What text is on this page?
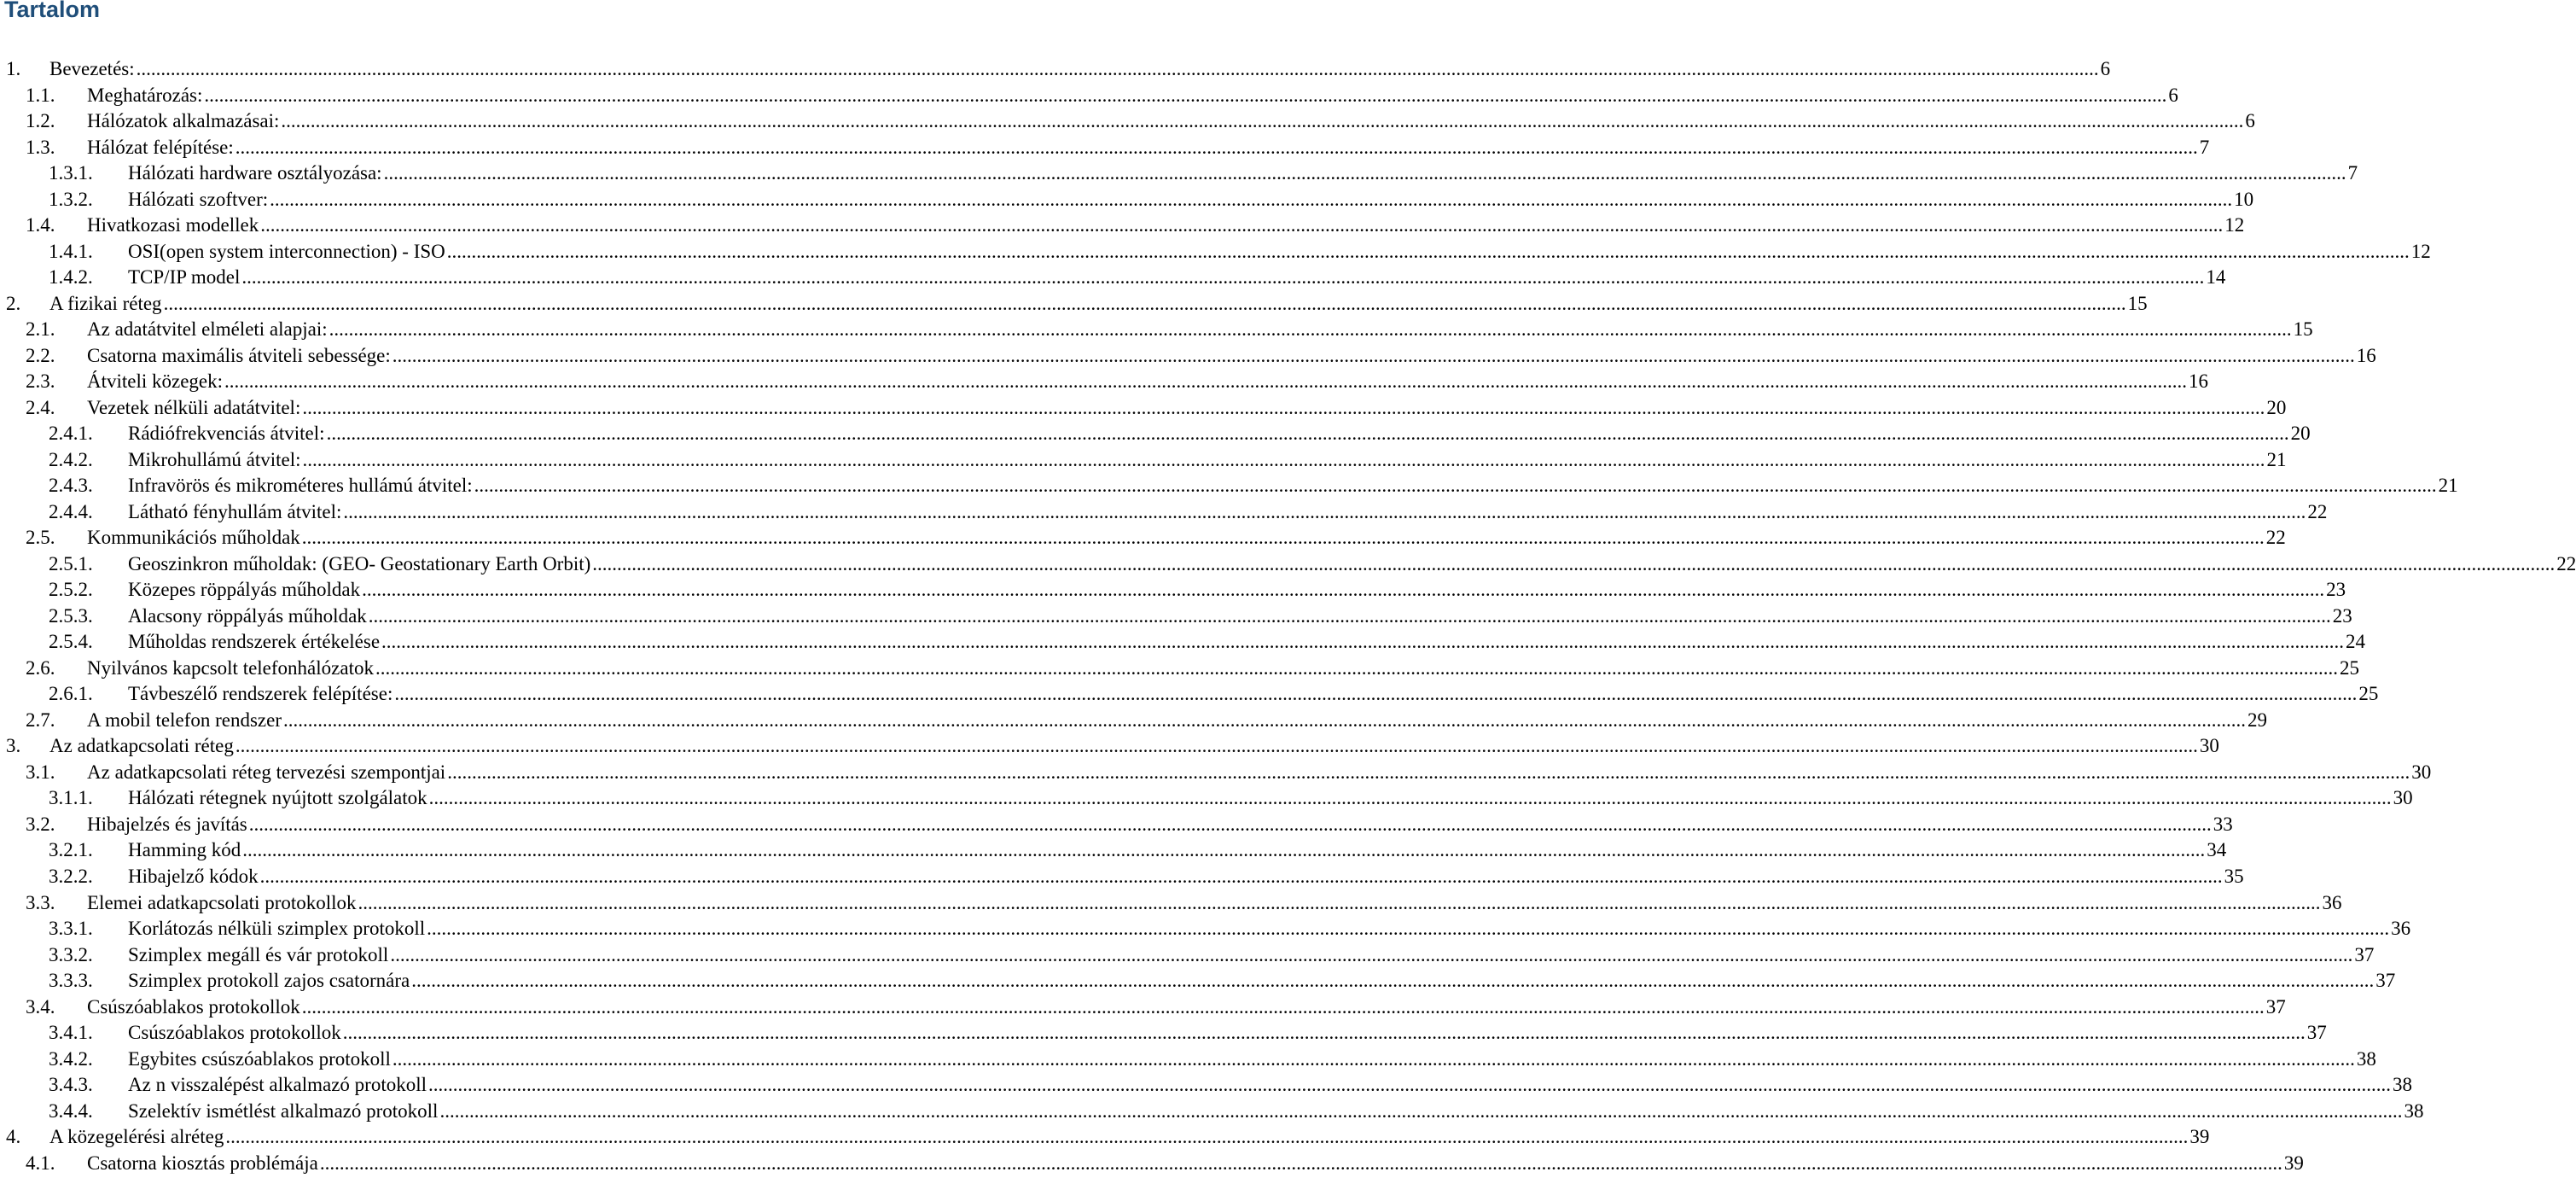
Tartalom
1. Bevezetés: ................................................................................................................................................................................................................................................................................................................................................................................................................ 6
1.1. Meghatározás: ................................................................................................................................................................................................................................................................................................................................................................................................................ 6
1.2. Hálózatok alkalmazásai: ................................................................................................................................................................................................................................................................................................................................................................................................................ 6
1.3. Hálózat felépítése: ................................................................................................................................................................................................................................................................................................................................................................................................................ 7
1.3.1. Hálózati hardware osztályozása: ................................................................................................................................................................................................................................................................................................................................................................................................................ 7
1.3.2. Hálózati szoftver: ................................................................................................................................................................................................................................................................................................................................................................................................................ 10
1.4. Hivatkozasi modellek ................................................................................................................................................................................................................................................................................................................................................................................................................ 12
1.4.1. OSI(open system interconnection) - ISO ................................................................................................................................................................................................................................................................................................................................................................................................................ 12
1.4.2. TCP/IP model ................................................................................................................................................................................................................................................................................................................................................................................................................ 14
2. A fizikai réteg ................................................................................................................................................................................................................................................................................................................................................................................................................ 15
2.1. Az adatátvitel elméleti alapjai: ................................................................................................................................................................................................................................................................................................................................................................................................................ 15
2.2. Csatorna maximális átviteli sebessége: ................................................................................................................................................................................................................................................................................................................................................................................................................ 16
2.3. Átviteli közegek: ................................................................................................................................................................................................................................................................................................................................................................................................................ 16
2.4. Vezetek nélküli adatátvitel: ................................................................................................................................................................................................................................................................................................................................................................................................................ 20
2.4.1. Rádiófrekvenciás átvitel: ................................................................................................................................................................................................................................................................................................................................................................................................................ 20
2.4.2. Mikrohullámú átvitel: ................................................................................................................................................................................................................................................................................................................................................................................................................ 21
2.4.3. Infravörös és mikrométeres hullámú átvitel: ................................................................................................................................................................................................................................................................................................................................................................................................................ 21
2.4.4. Látható fényhullám átvitel: ................................................................................................................................................................................................................................................................................................................................................................................................................ 22
2.5. Kommunikációs műholdak ................................................................................................................................................................................................................................................................................................................................................................................................................ 22
2.5.1. Geoszinkron műholdak: (GEO- Geostationary Earth Orbit) ................................................................................................................................................................................................................................................................................................................................................................................................................ 22
2.5.2. Közepes röppályás műholdak ................................................................................................................................................................................................................................................................................................................................................................................................................ 23
2.5.3. Alacsony röppályás műholdak ................................................................................................................................................................................................................................................................................................................................................................................................................ 23
2.5.4. Műholdas rendszerek értékelése ................................................................................................................................................................................................................................................................................................................................................................................................................ 24
2.6. Nyilvános kapcsolt telefonhálózatok ................................................................................................................................................................................................................................................................................................................................................................................................................ 25
2.6.1. Távbeszélő rendszerek felépítése: ................................................................................................................................................................................................................................................................................................................................................................................................................ 25
2.7. A mobil telefon rendszer ................................................................................................................................................................................................................................................................................................................................................................................................................ 29
3. Az adatkapcsolati réteg ................................................................................................................................................................................................................................................................................................................................................................................................................ 30
3.1. Az adatkapcsolati réteg tervezési szempontjai ................................................................................................................................................................................................................................................................................................................................................................................................................ 30
3.1.1. Hálózati rétegnek nyújtott szolgálatok ................................................................................................................................................................................................................................................................................................................................................................................................................ 30
3.2. Hibajelzés és javítás ................................................................................................................................................................................................................................................................................................................................................................................................................ 33
3.2.1. Hamming kód ................................................................................................................................................................................................................................................................................................................................................................................................................ 34
3.2.2. Hibajelző kódok ................................................................................................................................................................................................................................................................................................................................................................................................................ 35
3.3. Elemei adatkapcsolati protokollok ................................................................................................................................................................................................................................................................................................................................................................................................................ 36
3.3.1. Korlátozás nélküli szimplex protokoll ................................................................................................................................................................................................................................................................................................................................................................................................................ 36
3.3.2. Szimplex megáll és vár protokoll ................................................................................................................................................................................................................................................................................................................................................................................................................ 37
3.3.3. Szimplex protokoll zajos csatornára ................................................................................................................................................................................................................................................................................................................................................................................................................ 37
3.4. Csúszóablakos protokollok ................................................................................................................................................................................................................................................................................................................................................................................................................ 37
3.4.1. Csúszóablakos protokollok ................................................................................................................................................................................................................................................................................................................................................................................................................ 37
3.4.2. Egybites csúszóablakos protokoll ................................................................................................................................................................................................................................................................................................................................................................................................................ 38
3.4.3. Az n visszalépést alkalmazó protokoll ................................................................................................................................................................................................................................................................................................................................................................................................................ 38
3.4.4. Szelektív ismétlést alkalmazó protokoll ................................................................................................................................................................................................................................................................................................................................................................................................................ 38
4. A közegelérési alréteg ................................................................................................................................................................................................................................................................................................................................................................................................................ 39
4.1. Csatorna kiosztás problémája ................................................................................................................................................................................................................................................................................................................................................................................................................ 39
